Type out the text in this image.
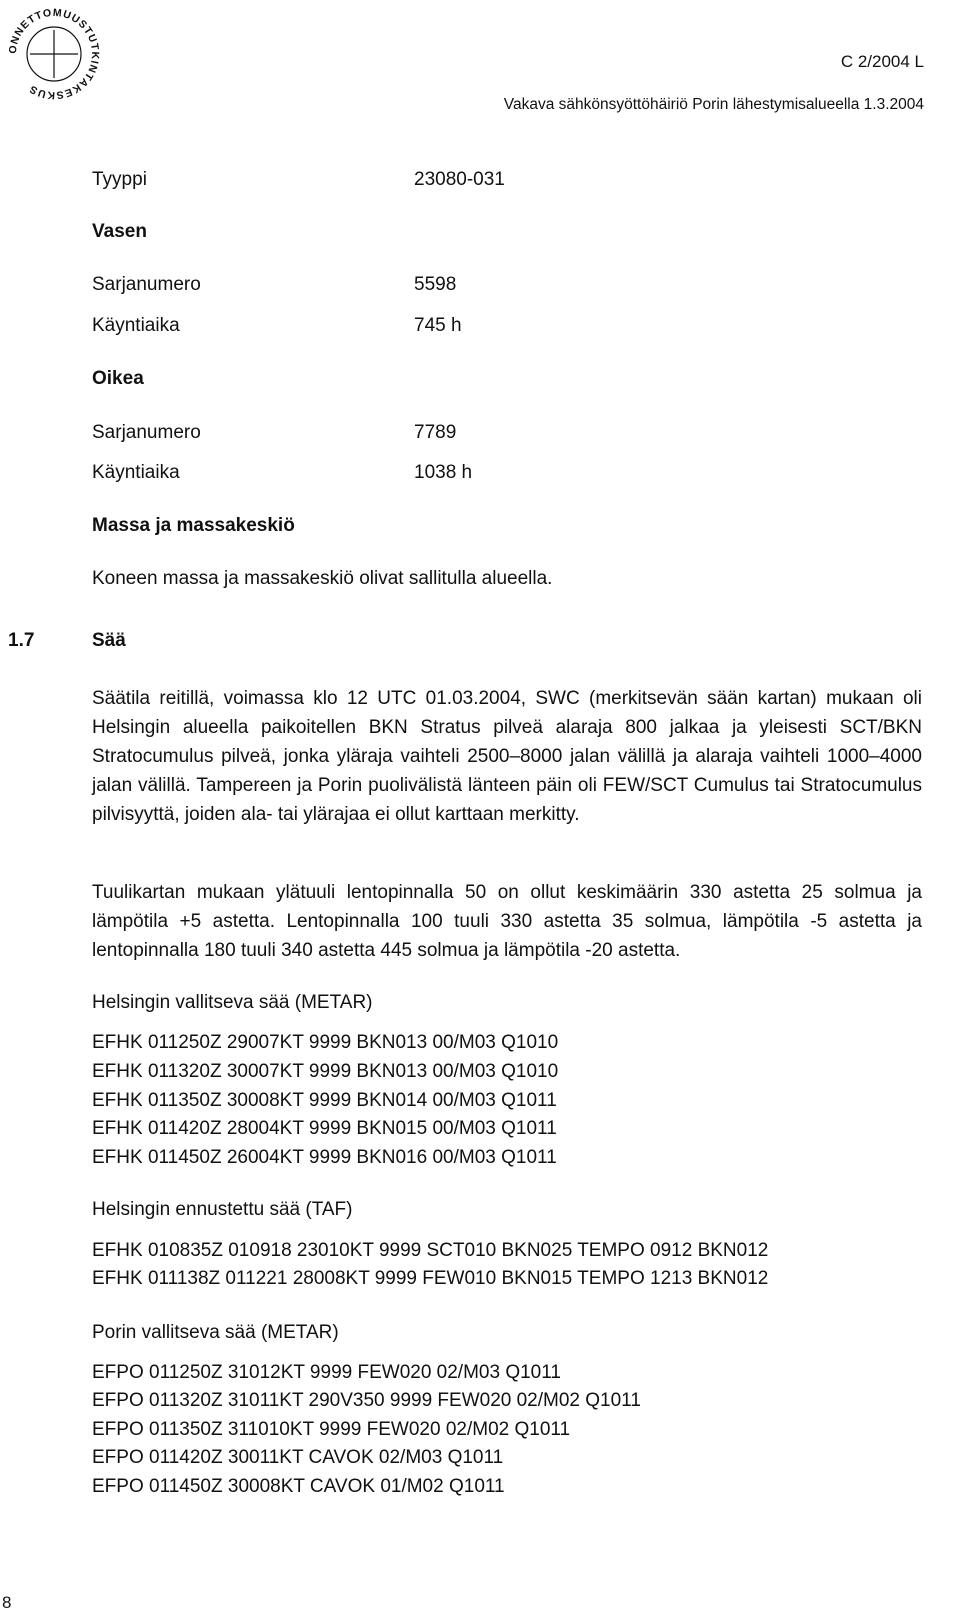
ONNETTOMUUSTUTKINTAKESKUS
C 2/2004 L
Vakava sähkönsyöttöhäiriö Porin lähestymisalueella 1.3.2004
Tyyppi	23080-031
Vasen
Sarjanumero	5598
Käyntiaika	745 h
Oikea
Sarjanumero	7789
Käyntiaika	1038 h
Massa ja massakeskiö
Koneen massa ja massakeskiö olivat sallitulla alueella.
Säätila reitillä, voimassa klo 12 UTC 01.03.2004, SWC (merkitsevän sään kartan) mukaan oli Helsingin alueella paikoitellen BKN Stratus pilveä alaraja 800 jalkaa ja yleisesti SCT/BKN Stratocumulus pilveä, jonka yläraja vaihteli 2500–8000 jalan välillä ja alaraja vaihteli 1000–4000 jalan välillä. Tampereen ja Porin puolivälistä länteen päin oli FEW/SCT Cumulus tai Stratocumulus pilvisyyttä, joiden ala- tai ylärajaa ei ollut karttaan merkitty.
Tuulikartan mukaan ylätuuli lentopinnalla 50 on ollut keskimäärin 330 astetta 25 solmua ja lämpötila +5 astetta. Lentopinnalla 100 tuuli 330 astetta 35 solmua, lämpötila -5 astetta ja lentopinnalla 180 tuuli 340 astetta 445 solmua ja lämpötila -20 astetta.
Helsingin vallitseva sää (METAR)
EFHK 011250Z 29007KT 9999 BKN013 00/M03 Q1010
EFHK 011320Z 30007KT 9999 BKN013 00/M03 Q1010
EFHK 011350Z 30008KT 9999 BKN014 00/M03 Q1011
EFHK 011420Z 28004KT 9999 BKN015 00/M03 Q1011
EFHK 011450Z 26004KT 9999 BKN016 00/M03 Q1011
Helsingin ennustettu sää (TAF)
EFHK 010835Z 010918 23010KT 9999 SCT010 BKN025 TEMPO 0912 BKN012
EFHK 011138Z 011221 28008KT 9999 FEW010 BKN015 TEMPO 1213 BKN012
Porin vallitseva sää (METAR)
EFPO 011250Z 31012KT 9999 FEW020 02/M03 Q1011
EFPO 011320Z 31011KT 290V350 9999 FEW020 02/M02 Q1011
EFPO 011350Z 311010KT 9999 FEW020 02/M02 Q1011
EFPO 011420Z 30011KT CAVOK 02/M03 Q1011
EFPO 011450Z 30008KT CAVOK 01/M02 Q1011
1.7	Sää
8
